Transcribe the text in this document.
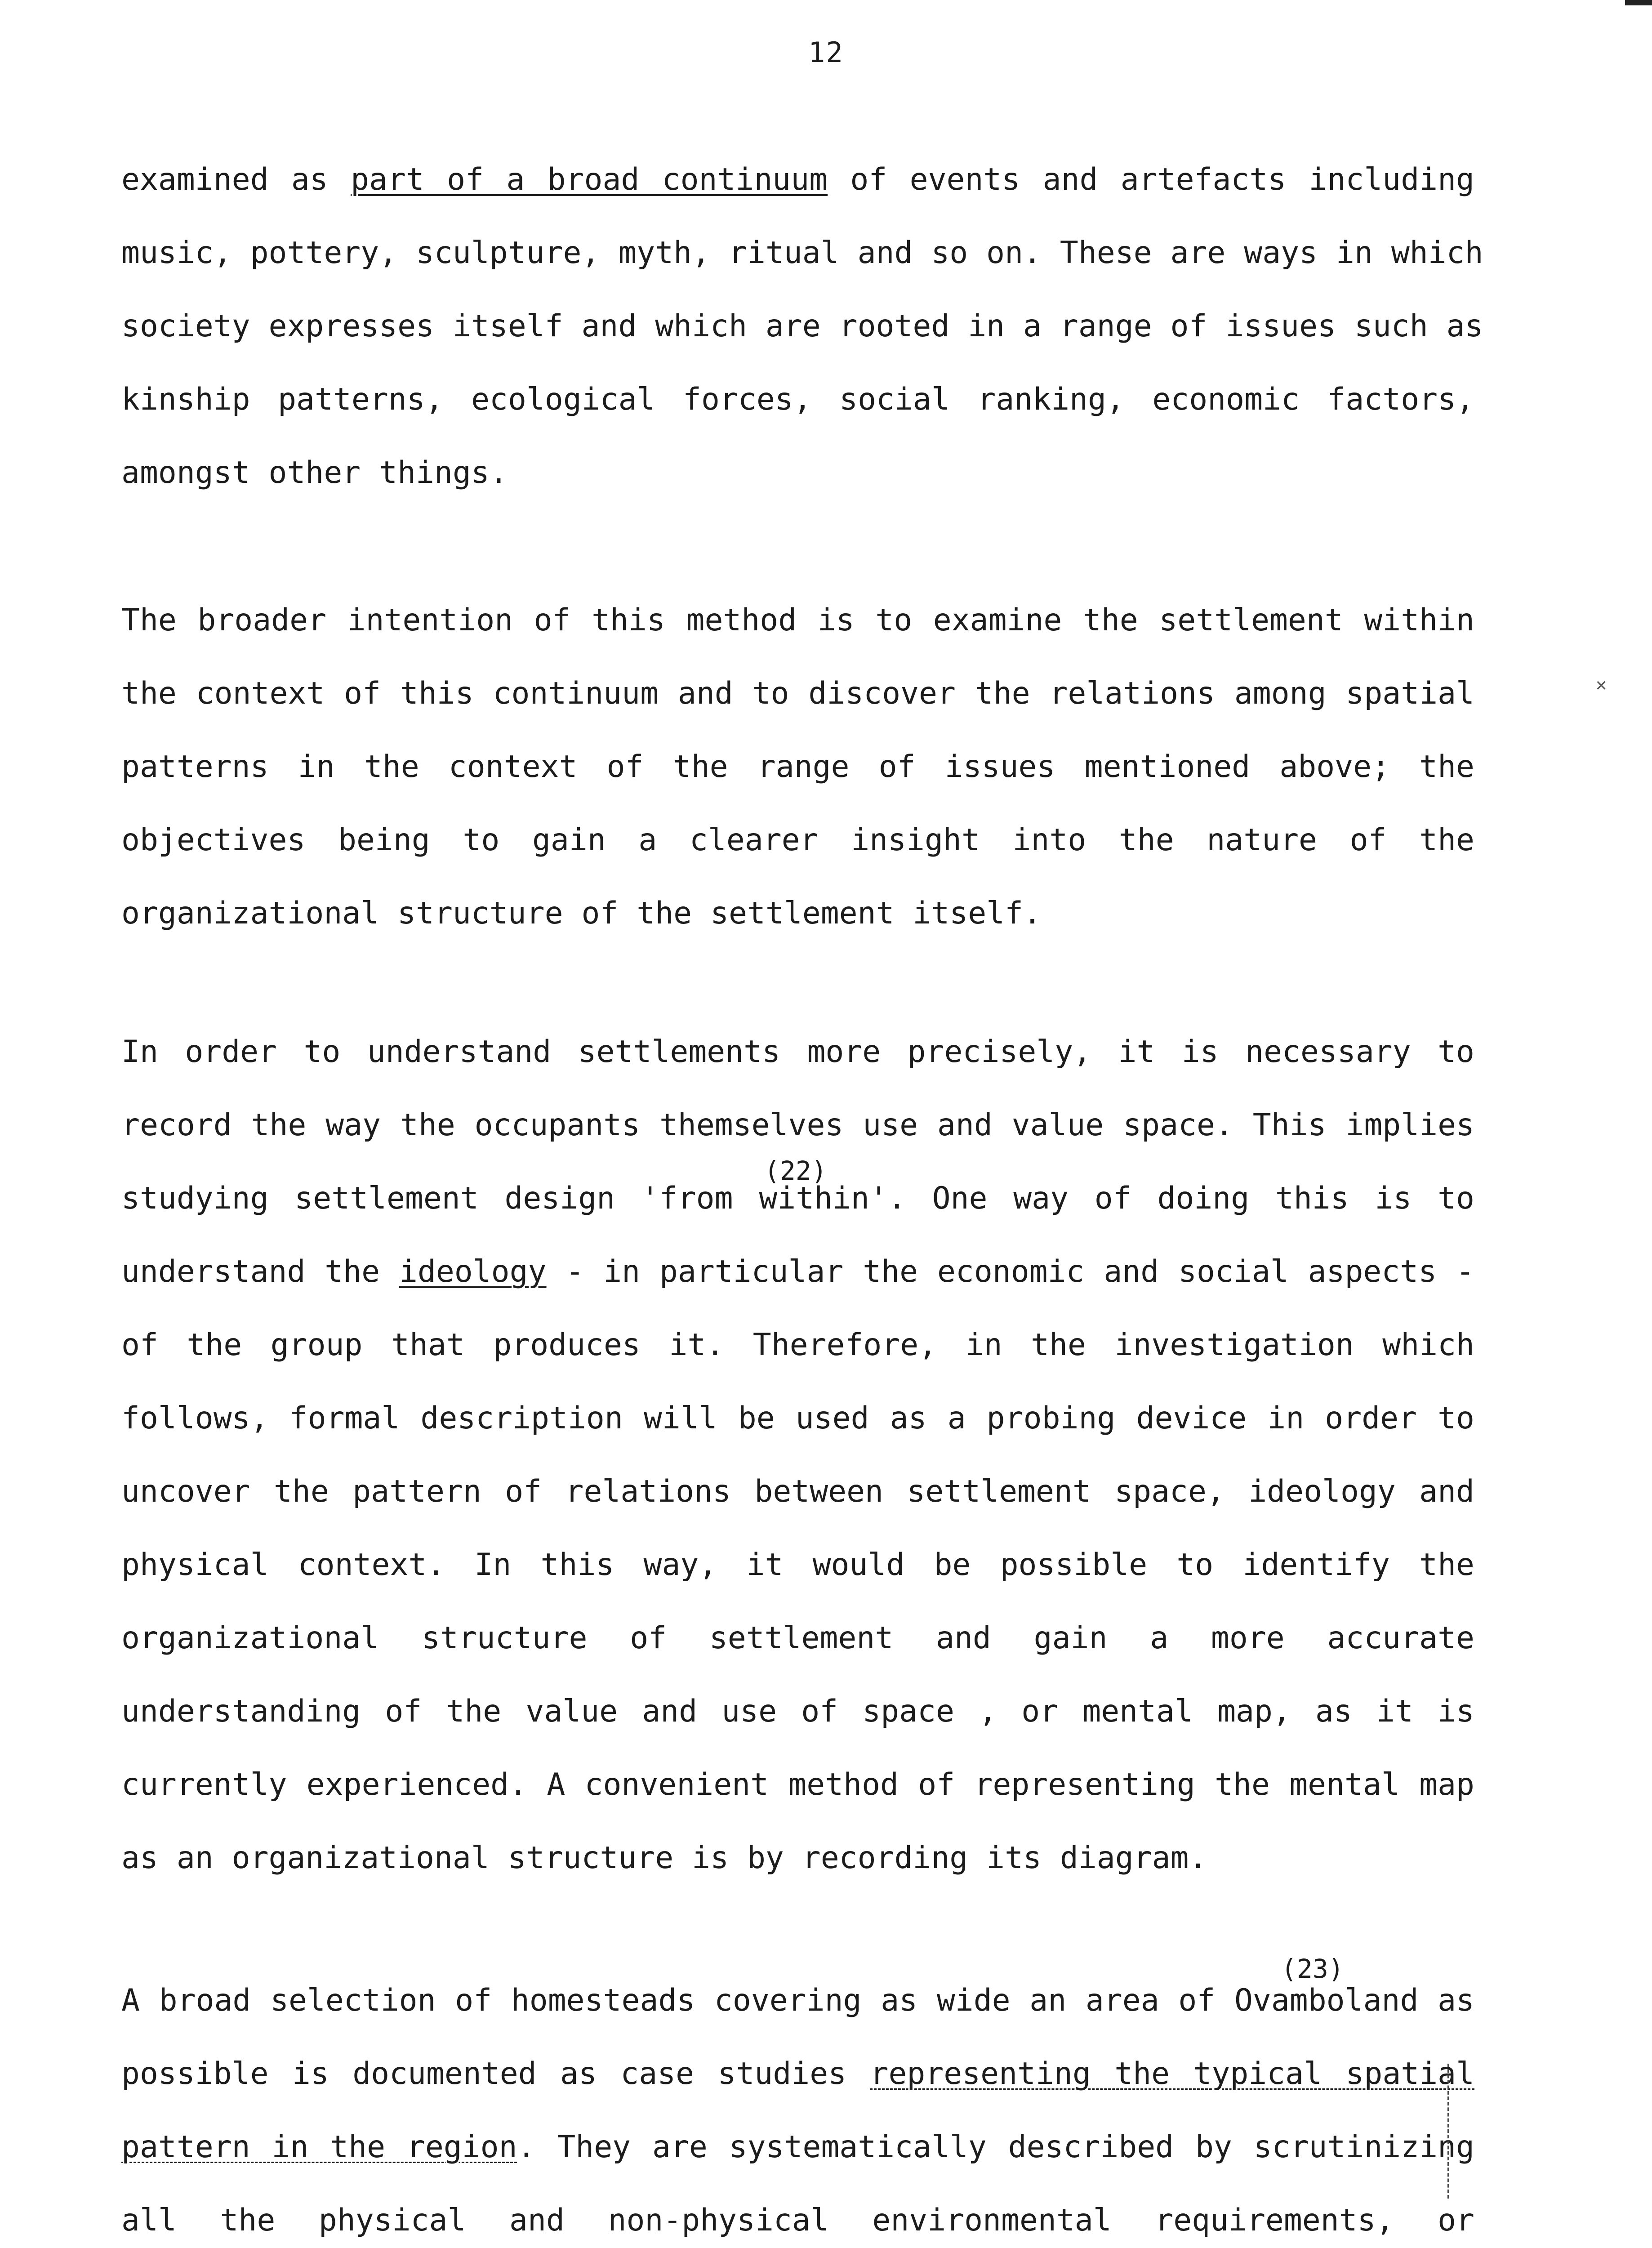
12
examined as part of a broad continuum of events and artefacts including
music, pottery, sculpture, myth, ritual and so on. These are ways in which
society expresses itself and which are rooted in a range of issues such as
kinship patterns, ecological forces, social ranking, economic factors,
amongst other things.
The broader intention of this method is to examine the settlement within
the context of this continuum and to discover the relations among spatial
patterns in the context of the range of issues mentioned above; the
objectives being to gain a clearer insight into the nature of the
organizational structure of the settlement itself.
In order to understand settlements more precisely, it is necessary to
record the way the occupants themselves use and value space. This implies
studying settlement design 'from within'. One way of doing this is to
understand the ideology - in particular the economic and social aspects -
of the group that produces it. Therefore, in the investigation which
follows, formal description will be used as a probing device in order to
uncover the pattern of relations between settlement space, ideology and
physical context. In this way, it would be possible to identify the
organizational structure of settlement and gain a more accurate
understanding of the value and use of space , or mental map, as it is
currently experienced. A convenient method of representing the mental map
as an organizational structure is by recording its diagram.
A broad selection of homesteads covering as wide an area of Ovamboland as
possible is documented as case studies representing the typical spatial
pattern in the region. They are systematically described by scrutinizing
all the physical and non-physical environmental requirements, or
(22)
(23)
✕
